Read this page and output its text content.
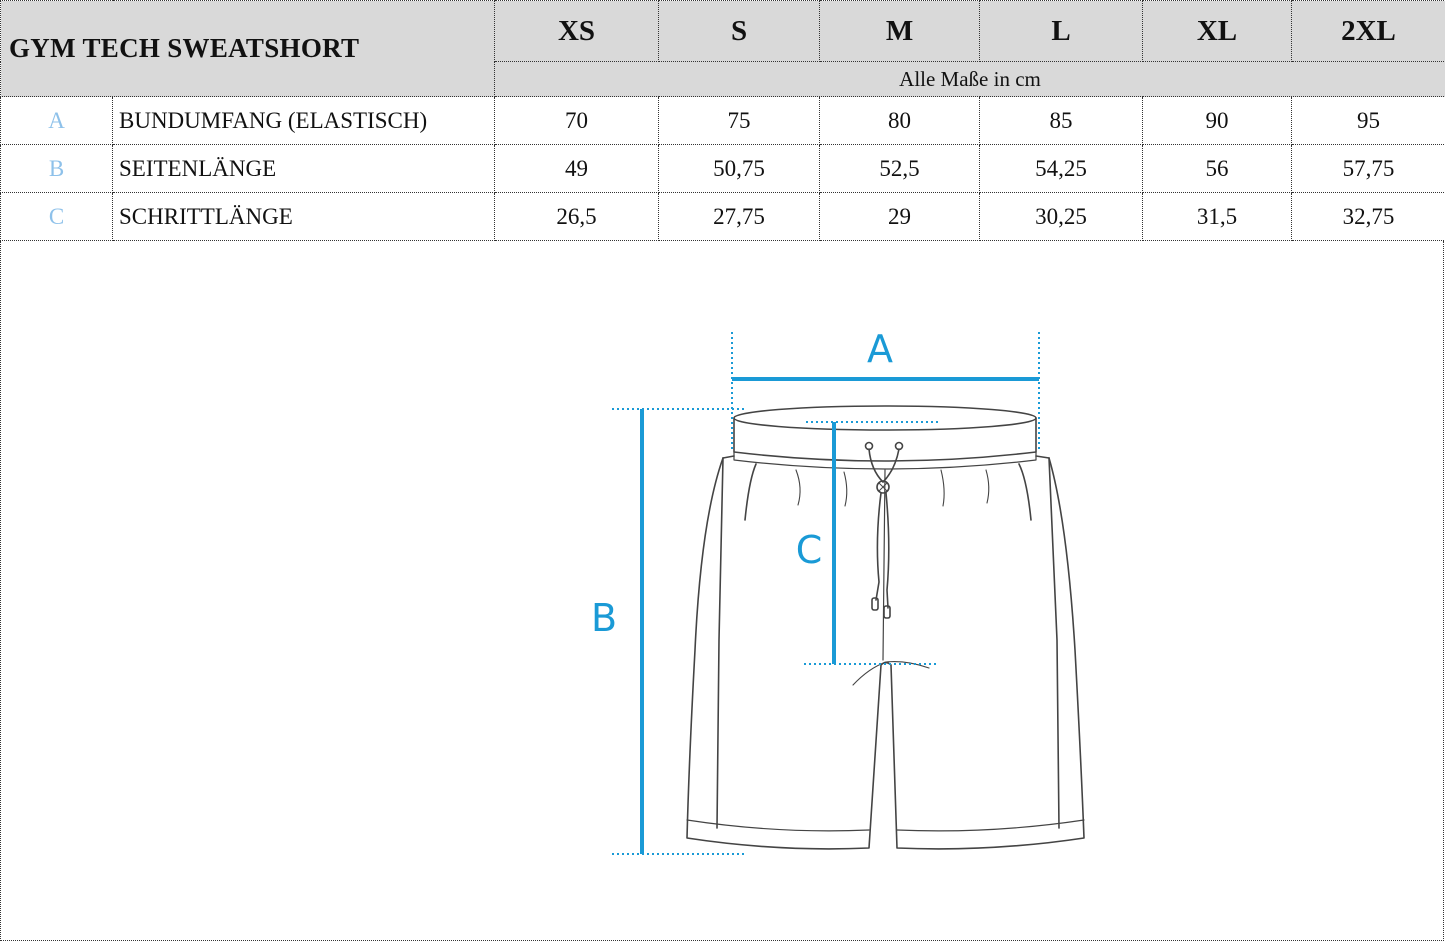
GYM TECH SWEATSHORT		XS	S	M	L	XL	2XL
		Alle Maße in cm					
A	BUNDUMFANG (ELASTISCH)	70	75	80	85	90	95
B	SEITENLÄNGE	49	50,75	52,5	54,25	56	57,75
C	SCHRITTLÄNGE	26,5	27,75	29	30,25	31,5	32,75
A
B
C
